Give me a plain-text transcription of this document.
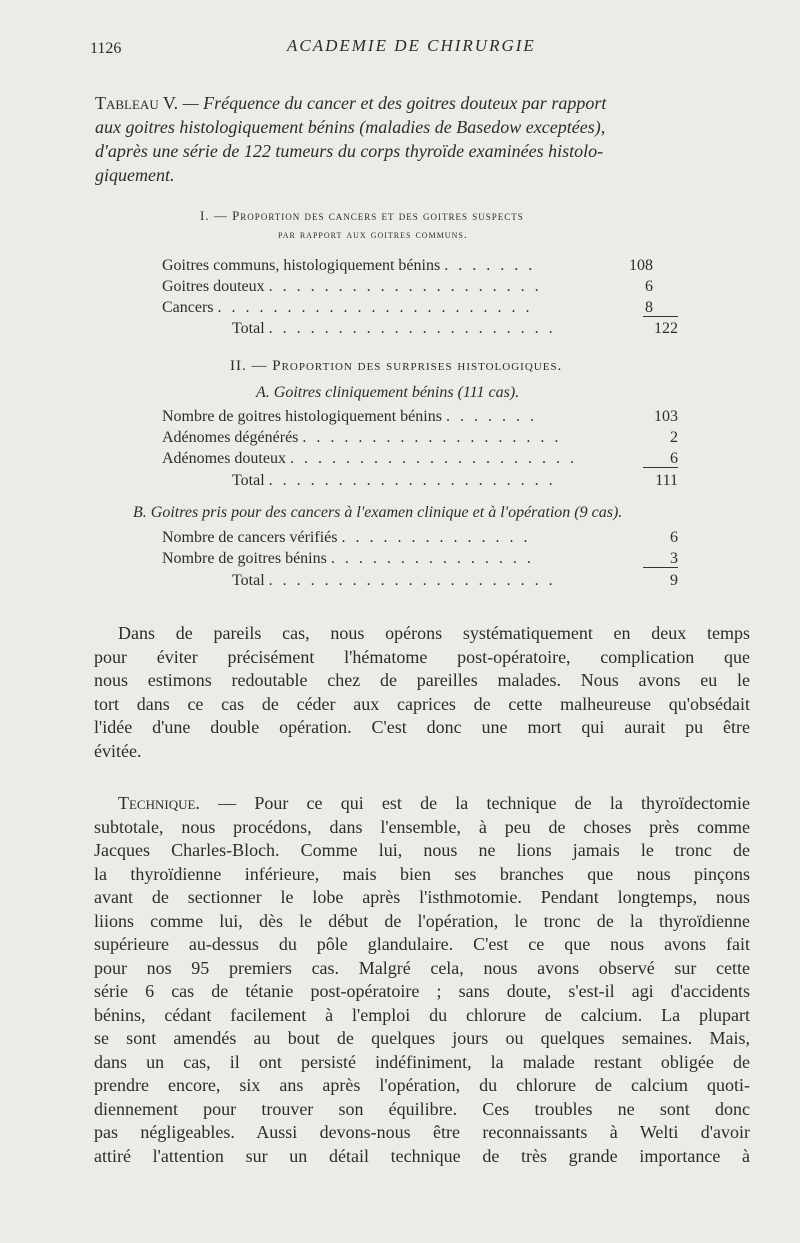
1126	ACADEMIE DE CHIRURGIE
Tableau V. — Fréquence du cancer et des goitres douteux par rapport
aux goitres histologiquement bénins (maladies de Basedow exceptées),
d'après une série de 122 tumeurs du corps thyroïde examinées histolo-
giquement.
I. — Proportion des cancers et des goitres suspects
par rapport aux goitres communs.
Goitres communs, histologiquement bénins . . . . . . .	108
Goitres douteux . . . . . . . . . . . . . . . . . . . .	6
Cancers . . . . . . . . . . . . . . . . . . . . . . .	8
Total . . . . . . . . . . . . . . . . . . . . .	122
II. — Proportion des surprises histologiques.
A. Goitres cliniquement bénins (111 cas).
Nombre de goitres histologiquement bénins . . . . . . .	103
Adénomes dégénérés . . . . . . . . . . . . . . . . . . .	2
Adénomes douteux . . . . . . . . . . . . . . . . . . . . .	6
Total . . . . . . . . . . . . . . . . . . . . .	111
B. Goitres pris pour des cancers à l'examen clinique et à l'opération (9 cas).
Nombre de cancers vérifiés . . . . . . . . . . . . . .	6
Nombre de goitres bénins . . . . . . . . . . . . . . .	3
Total . . . . . . . . . . . . . . . . . . . . .	9
Dans de pareils cas, nous opérons systématiquement en deux temps
pour éviter précisément l'hématome post-opératoire, complication que
nous estimons redoutable chez de pareilles malades. Nous avons eu le
tort dans ce cas de céder aux caprices de cette malheureuse qu'obsédait
l'idée d'une double opération. C'est donc une mort qui aurait pu être
évitée.
Technique. — Pour ce qui est de la technique de la thyroïdectomie
subtotale, nous procédons, dans l'ensemble, à peu de choses près comme
Jacques Charles-Bloch. Comme lui, nous ne lions jamais le tronc de
la thyroïdienne inférieure, mais bien ses branches que nous pinçons
avant de sectionner le lobe après l'isthmotomie. Pendant longtemps, nous
liions comme lui, dès le début de l'opération, le tronc de la thyroïdienne
supérieure au-dessus du pôle glandulaire. C'est ce que nous avons fait
pour nos 95 premiers cas. Malgré cela, nous avons observé sur cette
série 6 cas de tétanie post-opératoire ; sans doute, s'est-il agi d'accidents
bénins, cédant facilement à l'emploi du chlorure de calcium. La plupart
se sont amendés au bout de quelques jours ou quelques semaines. Mais,
dans un cas, il ont persisté indéfiniment, la malade restant obligée de
prendre encore, six ans après l'opération, du chlorure de calcium quoti-
diennement pour trouver son équilibre. Ces troubles ne sont donc
pas négligeables. Aussi devons-nous être reconnaissants à Welti d'avoir
attiré l'attention sur un détail technique de très grande importance à
